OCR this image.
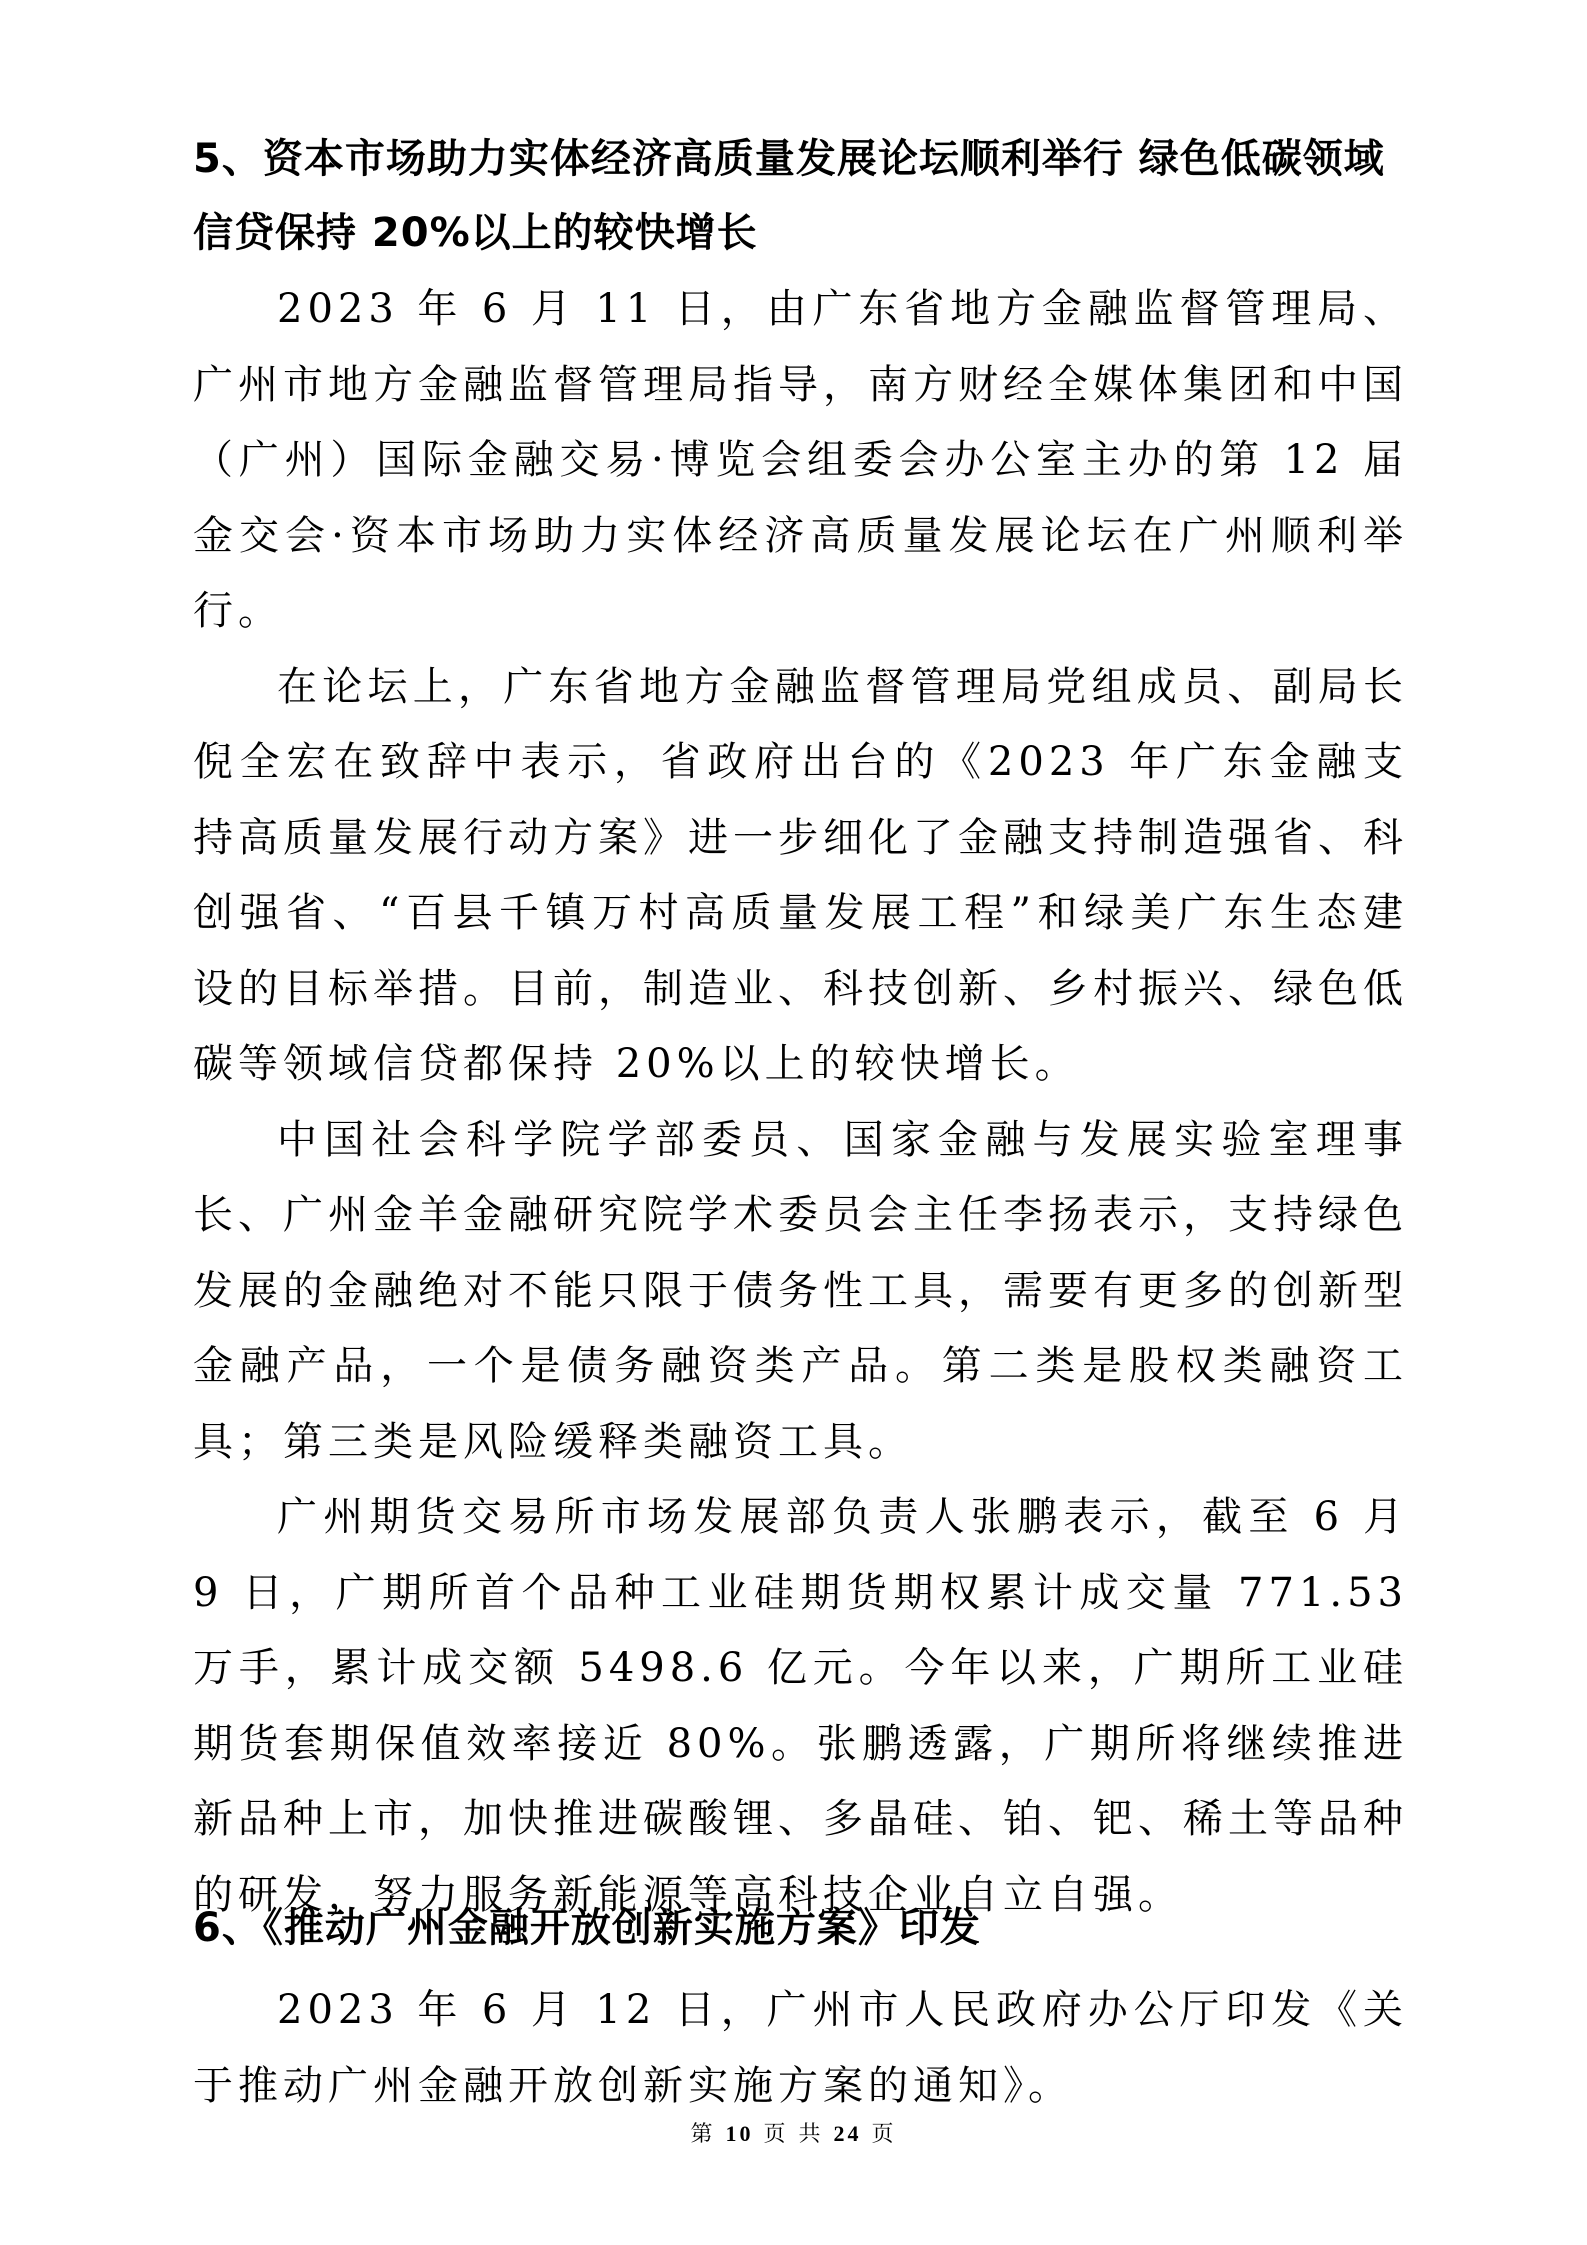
5、资本市场助力实体经济高质量发展论坛顺利举行 绿色低碳领域信贷保持 20%以上的较快增长

2023 年 6 月 11 日，由广东省地方金融监督管理局、广州市地方金融监督管理局指导，南方财经全媒体集团和中国（广州）国际金融交易·博览会组委会办公室主办的第 12 届金交会·资本市场助力实体经济高质量发展论坛在广州顺利举行。

在论坛上，广东省地方金融监督管理局党组成员、副局长倪全宏在致辞中表示，省政府出台的《2023 年广东金融支持高质量发展行动方案》进一步细化了金融支持制造强省、科创强省、“百县千镇万村高质量发展工程”和绿美广东生态建设的目标举措。目前，制造业、科技创新、乡村振兴、绿色低碳等领域信贷都保持 20%以上的较快增长。

中国社会科学院学部委员、国家金融与发展实验室理事长、广州金羊金融研究院学术委员会主任李扬表示，支持绿色发展的金融绝对不能只限于债务性工具，需要有更多的创新型金融产品，一个是债务融资类产品。第二类是股权类融资工具；第三类是风险缓释类融资工具。

广州期货交易所市场发展部负责人张鹏表示，截至 6 月 9 日，广期所首个品种工业硅期货期权累计成交量 771.53 万手，累计成交额 5498.6 亿元。今年以来，广期所工业硅期货套期保值效率接近 80%。张鹏透露，广期所将继续推进新品种上市，加快推进碳酸锂、多晶硅、铂、钯、稀土等品种的研发，努力服务新能源等高科技企业自立自强。

6、《推动广州金融开放创新实施方案》印发

2023 年 6 月 12 日，广州市人民政府办公厅印发《关于推动广州金融开放创新实施方案的通知》。

第 10 页 共 24 页
